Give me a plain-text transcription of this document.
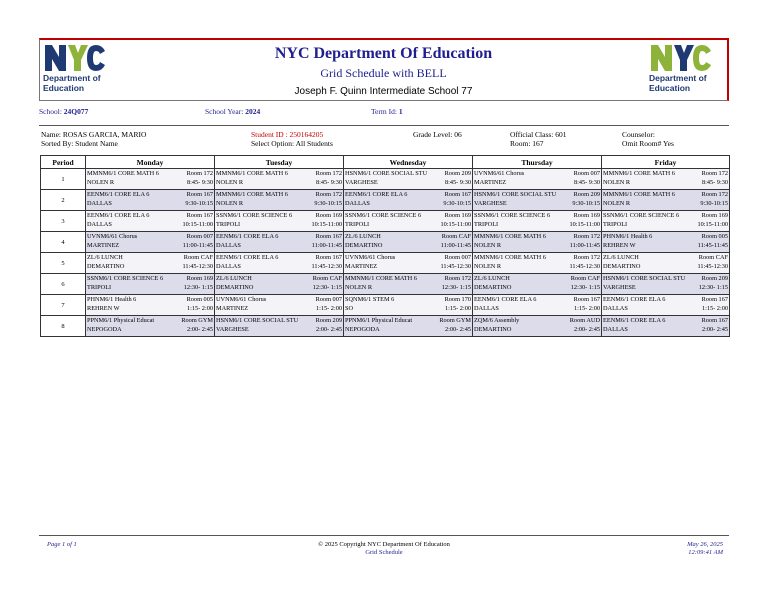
Department of
Education
NYC Department Of Education
Grid Schedule with BELL
Joseph F. Quinn Intermediate School 77
Department of
Education
School: 24Q077	School Year: 2024	Term Id: 1
Name: ROSAS GARCIA, MARIO
Sorted By: Student Name
Student ID : 250164205
Select Option: All Students
Grade Level: 06	Official Class: 601
Room: 167
Counselor:
Omit Room# Yes
Period	Monday	Tuesday	Wednesday	Thursday	Friday
1	MMNM6/1 CORE MATH 6
NOLEN R
Room 172
8:45- 9:30	MMNM6/1 CORE MATH 6
NOLEN R
Room 172
8:45- 9:30	HSNM6/1 CORE SOCIAL STU
VARGHESE
Room 209
8:45- 9:30	UVNM6/61 Chorus
MARTINEZ
Room 007
8:45- 9:30	MMNM6/1 CORE MATH 6
NOLEN R
Room 172
8:45- 9:30

2	EENM6/1 CORE ELA 6
DALLAS
Room 167
9:30-10:15	MMNM6/1 CORE MATH 6
NOLEN R
Room 172
9:30-10:15	EENM6/1 CORE ELA 6
DALLAS
Room 167
9:30-10:15	HSNM6/1 CORE SOCIAL STU
VARGHESE
Room 209
9:30-10:15	MMNM6/1 CORE MATH 6
NOLEN R
Room 172
9:30-10:15

3	EENM6/1 CORE ELA 6
DALLAS
Room 167
10:15-11:00	SSNM6/1 CORE SCIENCE 6
TRIPOLI
Room 169
10:15-11:00	SSNM6/1 CORE SCIENCE 6
TRIPOLI
Room 169
10:15-11:00	SSNM6/1 CORE SCIENCE 6
TRIPOLI
Room 169
10:15-11:00	SSNM6/1 CORE SCIENCE 6
TRIPOLI
Room 169
10:15-11:00

4	UVNM6/61 Chorus
MARTINEZ
Room 007
11:00-11:45	EENM6/1 CORE ELA 6
DALLAS
Room 167
11:00-11:45	ZL/6 LUNCH
DEMARTINO
Room CAF
11:00-11:45	MMNM6/1 CORE MATH 6
NOLEN R
Room 172
11:00-11:45	PHNM6/1 Health 6
REHREN W
Room 005
11:45-11:45

5	ZL/6 LUNCH
DEMARTINO
Room CAF
11:45-12:30	EENM6/1 CORE ELA 6
DALLAS
Room 167
11:45-12:30	UVNM6/61 Chorus
MARTINEZ
Room 007
11:45-12:30	MMNM6/1 CORE MATH 6
NOLEN R
Room 172
11:45-12:30	ZL/6 LUNCH
DEMARTINO
Room CAF
11:45-12:30

6	SSNM6/1 CORE SCIENCE 6
TRIPOLI
Room 169
12:30- 1:15	ZL/6 LUNCH
DEMARTINO
Room CAF
12:30- 1:15	MMNM6/1 CORE MATH 6
NOLEN R
Room 172
12:30- 1:15	ZL/6 LUNCH
DEMARTINO
Room CAF
12:30- 1:15	HSNM6/1 CORE SOCIAL STU
VARGHESE
Room 209
12:30- 1:15

7	PHNM6/1 Health 6
REHREN W
Room 005
1:15- 2:00	UVNM6/61 Chorus
MARTINEZ
Room 007
1:15- 2:00	SQNM6/1 STEM 6
SO
Room 170
1:15- 2:00	EENM6/1 CORE ELA 6
DALLAS
Room 167
1:15- 2:00	EENM6/1 CORE ELA 6
DALLAS
Room 167
1:15- 2:00

8	PPNM6/1 Physical Educat
NEPOGODA
Room GYM
2:00- 2:45	HSNM6/1 CORE SOCIAL STU
VARGHESE
Room 209
2:00- 2:45	PPNM6/1 Physical Educat
NEPOGODA
Room GYM
2:00- 2:45	ZQM/6 Assembly
DEMARTINO
Room AUD
2:00- 2:45	EENM6/1 CORE ELA 6
DALLAS
Room 167
2:00- 2:45
Page 1 of 1	© 2025 Copyright NYC Department Of Education
Grid Schedule
May 26, 2025
12:09:41 AM
